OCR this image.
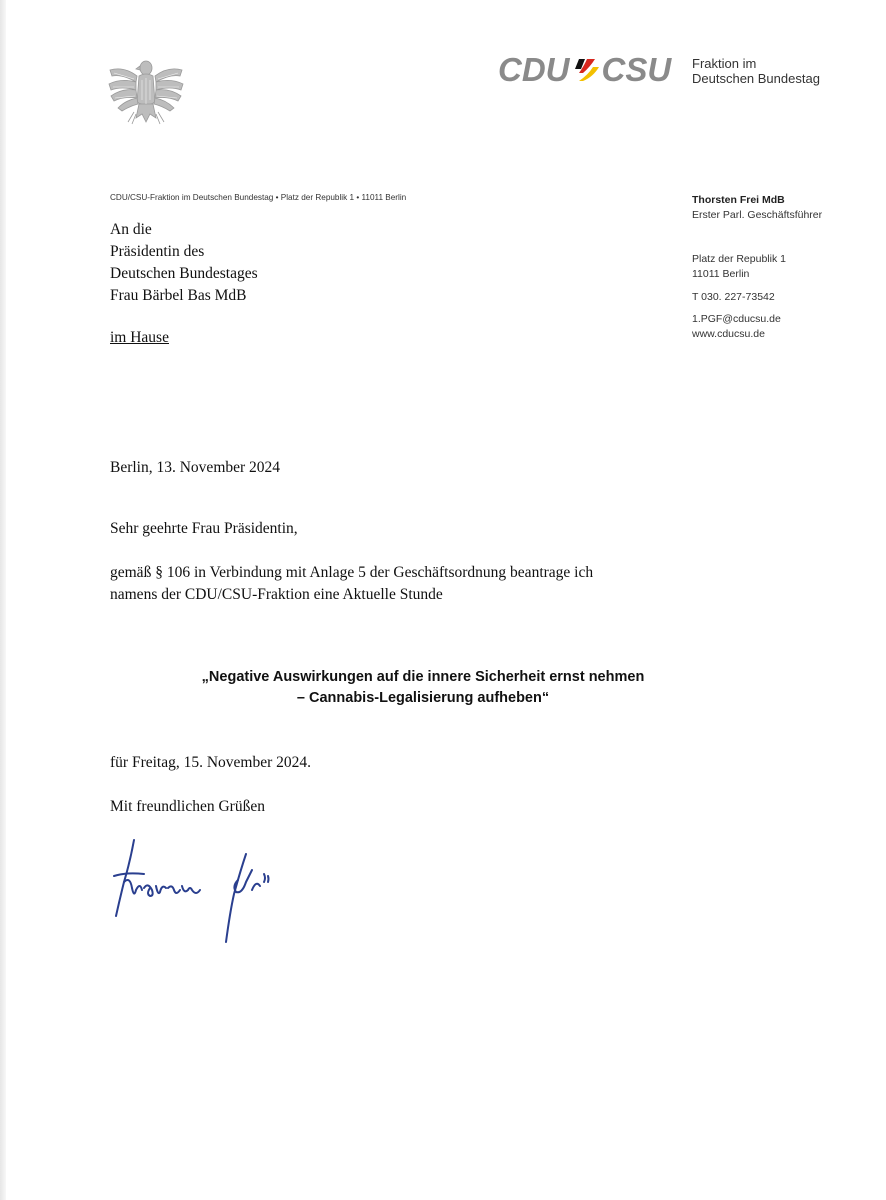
CDU CSU Fraktion im
Deutschen Bundestag
CDU/CSU-Fraktion im Deutschen Bundestag • Platz der Republik 1 • 11011 Berlin	Thorsten Frei MdB
Erster Parl. Geschäftsführer
Platz der Republik 1
11011 Berlin
T 030. 227-73542
1.PGF@cducsu.de
www.cducsu.de
An die
Präsidentin des
Deutschen Bundestages
Frau Bärbel Bas MdB
im Hause
Berlin, 13. November 2024
Sehr geehrte Frau Präsidentin,
gemäß § 106 in Verbindung mit Anlage 5 der Geschäftsordnung beantrage ich
namens der CDU/CSU-Fraktion eine Aktuelle Stunde
„Negative Auswirkungen auf die innere Sicherheit ernst nehmen
– Cannabis-Legalisierung aufheben“
für Freitag, 15. November 2024.
Mit freundlichen Grüßen
